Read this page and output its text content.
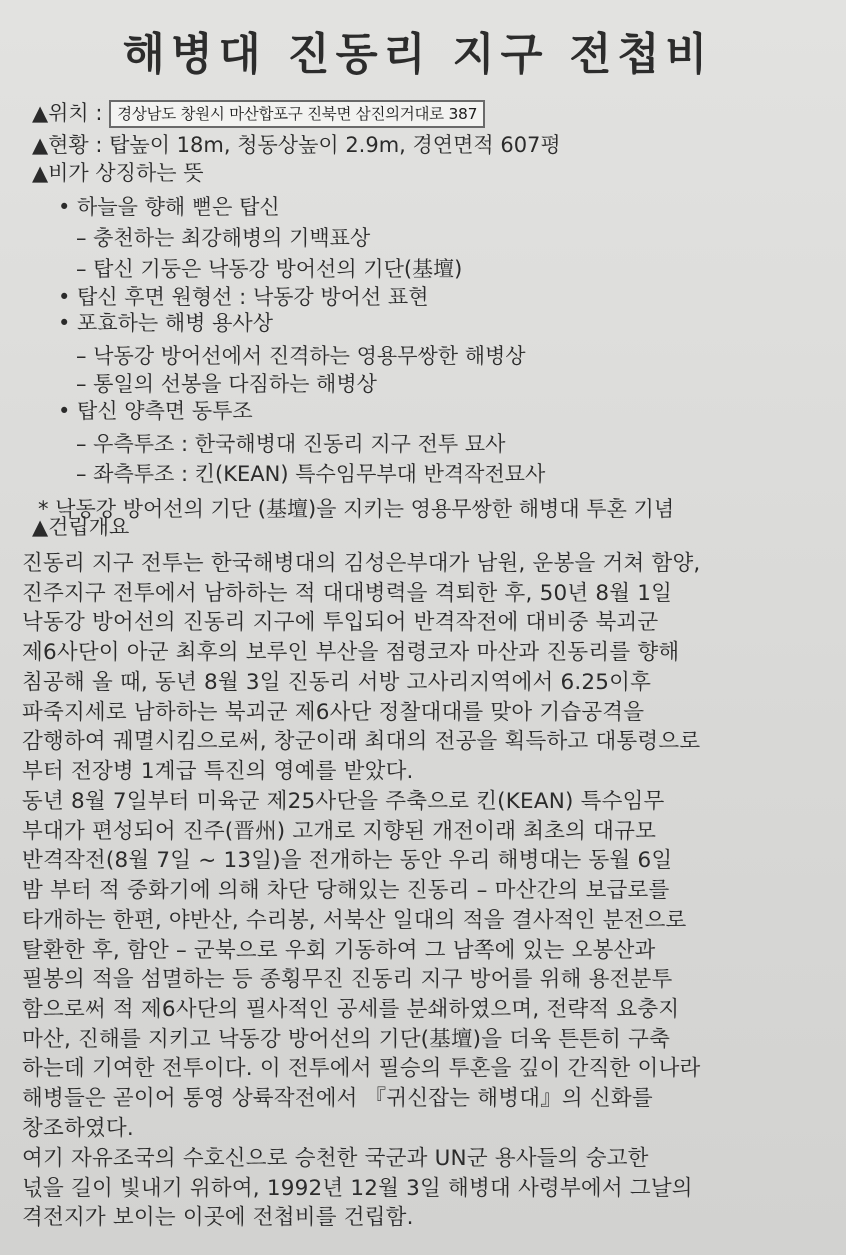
해병대 진동리 지구 전첩비
▲위치 : 경상남도 창원시 마산합포구 진북면 삼진의거대로 387
▲현황 : 탑높이 18m, 청동상높이 2.9m, 경연면적 607평
▲비가 상징하는 뜻
• 하늘을 향해 뻗은 탑신
– 충천하는 최강해병의 기백표상
– 탑신 기둥은 낙동강 방어선의 기단(基壇)
• 탑신 후면 원형선 : 낙동강 방어선 표현
• 포효하는 해병 용사상
– 낙동강 방어선에서 진격하는 영용무쌍한 해병상
– 통일의 선봉을 다짐하는 해병상
• 탑신 양측면 동투조
– 우측투조 : 한국해병대 진동리 지구 전투 묘사
– 좌측투조 : 킨(KEAN) 특수임무부대 반격작전묘사
* 낙동강 방어선의 기단 (基壇)을 지키는 영용무쌍한 해병대 투혼 기념
▲건립개요
진동리 지구 전투는 한국해병대의 김성은부대가 남원, 운봉을 거쳐 함양,
진주지구 전투에서 남하하는 적 대대병력을 격퇴한 후, 50년 8월 1일
낙동강 방어선의 진동리 지구에 투입되어 반격작전에 대비중 북괴군
제6사단이 아군 최후의 보루인 부산을 점령코자 마산과 진동리를 향해
침공해 올 때, 동년 8월 3일 진동리 서방 고사리지역에서 6.25이후
파죽지세로 남하하는 북괴군 제6사단 정찰대대를 맞아 기습공격을
감행하여 궤멸시킴으로써, 창군이래 최대의 전공을 획득하고 대통령으로
부터 전장병 1계급 특진의 영예를 받았다.
동년 8월 7일부터 미육군 제25사단을 주축으로 킨(KEAN) 특수임무
부대가 편성되어 진주(晋州) 고개로 지향된 개전이래 최초의 대규모
반격작전(8월 7일 ~ 13일)을 전개하는 동안 우리 해병대는 동월 6일
밤 부터 적 중화기에 의해 차단 당해있는 진동리 – 마산간의 보급로를
타개하는 한편, 야반산, 수리봉, 서북산 일대의 적을 결사적인 분전으로
탈환한 후, 함안 – 군북으로 우회 기동하여 그 남쪽에 있는 오봉산과
필봉의 적을 섬멸하는 등 종횡무진 진동리 지구 방어를 위해 용전분투
함으로써 적 제6사단의 필사적인 공세를 분쇄하였으며, 전략적 요충지
마산, 진해를 지키고 낙동강 방어선의 기단(基壇)을 더욱 튼튼히 구축
하는데 기여한 전투이다. 이 전투에서 필승의 투혼을 깊이 간직한 이나라
해병들은 곧이어 통영 상륙작전에서 『귀신잡는 해병대』의 신화를
창조하였다.
여기 자유조국의 수호신으로 승천한 국군과 UN군 용사들의 숭고한
넋을 길이 빛내기 위하여, 1992년 12월 3일 해병대 사령부에서 그날의
격전지가 보이는 이곳에 전첩비를 건립함.
